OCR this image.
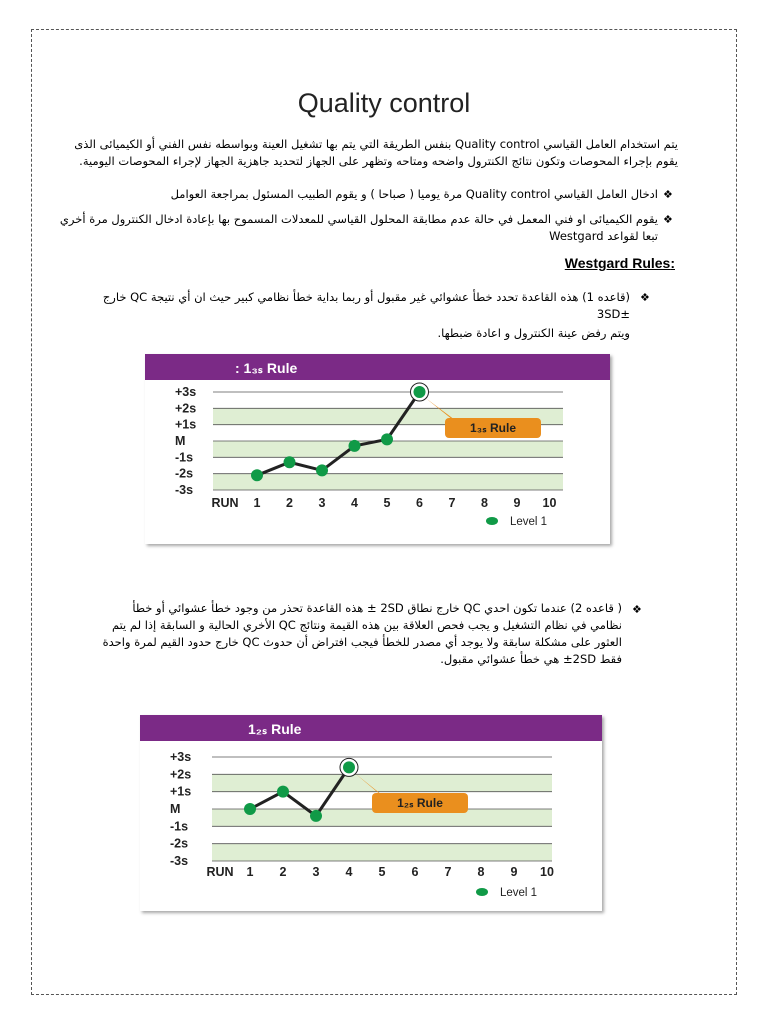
Quality control
يتم استخدام العامل القياسي Quality control بنفس الطريقة التي يتم بها تشغيل العينة وبواسطه نفس الفني أو الكيميائى الذى يقوم بإجراء المحوصات وتكون نتائج الكنترول واضحه ومتاحه وتظهر على الجهاز لتحديد جاهزية الجهاز لإجراء المحوصات اليومية.
❖
ادخال العامل القياسي Quality control مرة يوميا ( صباحا ) و يقوم الطبيب المسئول بمراجعة العوامل
❖
يقوم الكيميائى او فني المعمل في حالة عدم مطابقة المحلول القياسي للمعدلات المسموح بها بإعادة ادخال الكنترول مرة أخري تبعا لقواعد Westgard
:Westgard Rules
❖
(قاعده 1) هذه القاعدة تحدد خطأ عشوائي غير مقبول أو ربما بداية خطأ نظامي كبير حيث ان أي نتيجة QC خارج ±3SD
ويتم رفض عينة الكنترول و اعادة ضبطها.
: 1₃ₛ Rule
+3s
+2s
+1s
M
-1s
-2s
-3s
RUN 1 2 3 4 5 6 7 8 9 10
1₃ₛ Rule
Level 1
❖
( قاعده 2) عندما تكون احدي QC خارج نطاق 2SD ± هذه القاعدة تحذر من وجود خطأ عشوائي أو خطأ نظامي في نظام التشغيل و يجب فحص العلاقة بين هذه القيمة ونتائج QC الأخري الحالية و السابقة إذا لم يتم العثور على مشكلة سابقة ولا يوجد أي مصدر للخطأ فيجب افتراض أن حدوث QC خارج حدود القيم لمرة واحدة فقط 2SD± هي خطأ عشوائي مقبول.
1₂ₛ Rule
+3s
+2s
+1s
M
-1s
-2s
-3s
RUN 1 2 3 4 5 6 7 8 9 10
1₂ₛ Rule
Level 1
